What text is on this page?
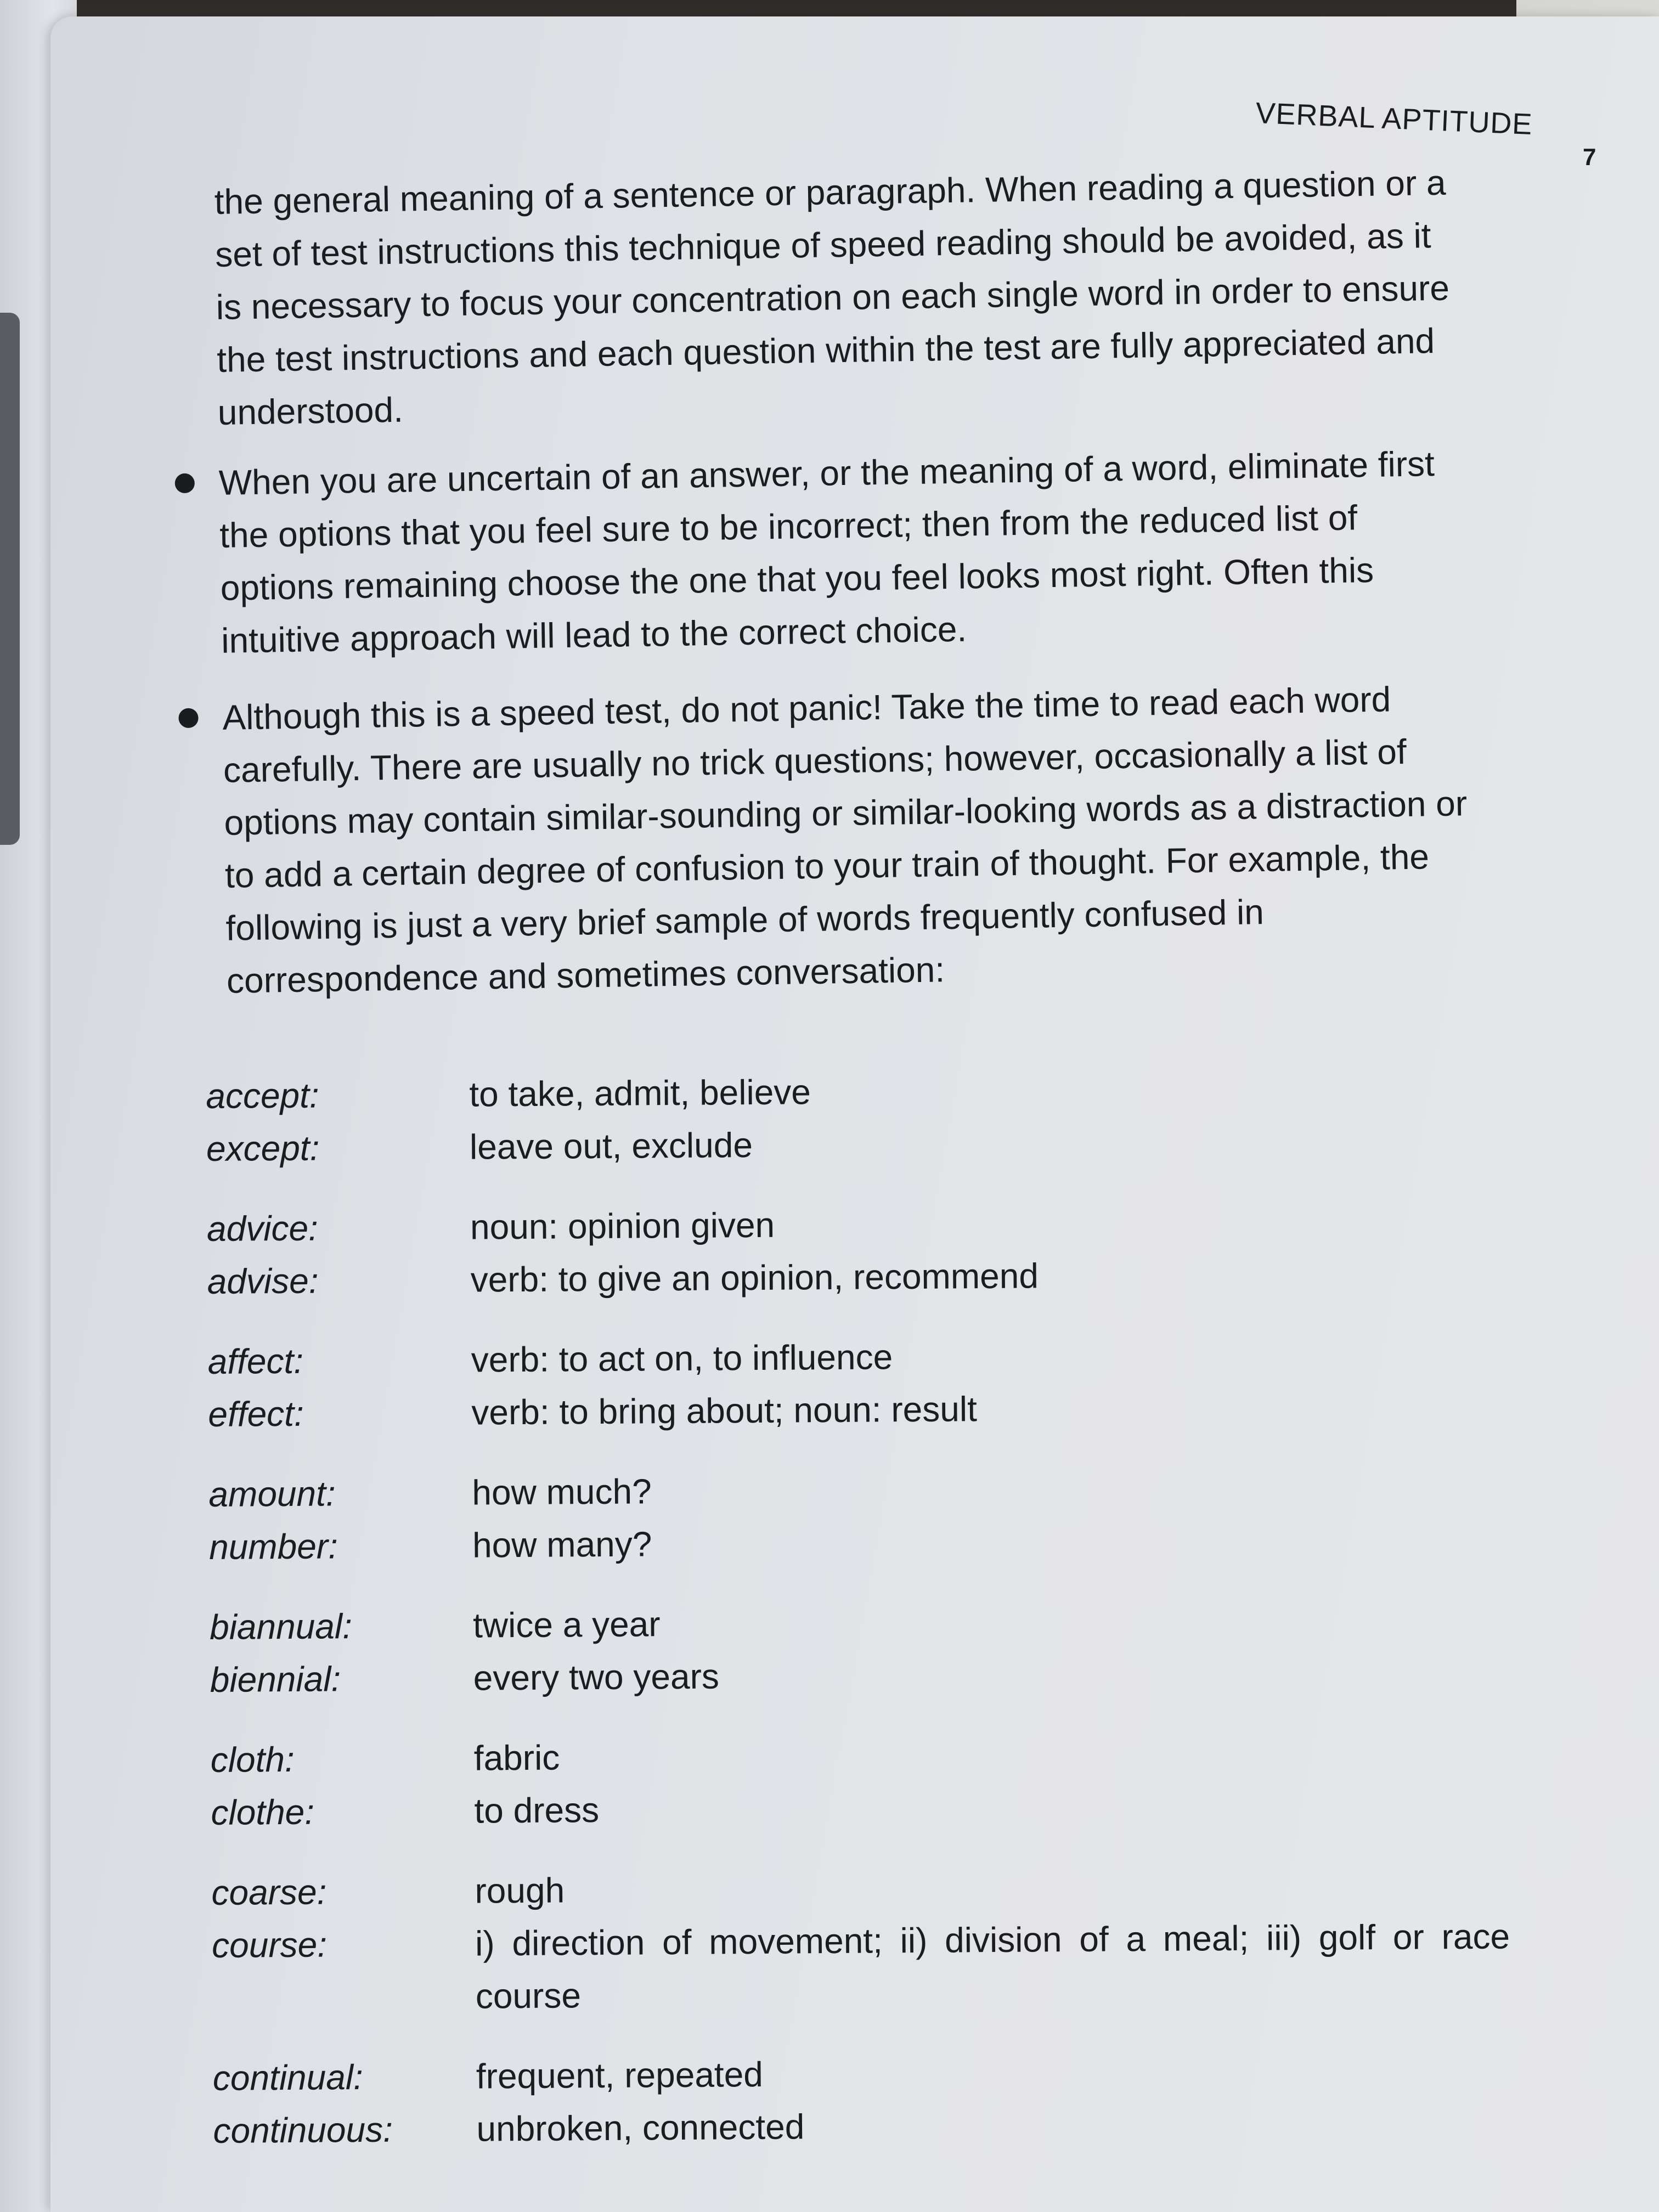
VERBAL APTITUDE
7

the general meaning of a sentence or paragraph. When reading a question or a
set of test instructions this technique of speed reading should be avoided, as it
is necessary to focus your concentration on each single word in order to ensure
the test instructions and each question within the test are fully appreciated and
understood.

When you are uncertain of an answer, or the meaning of a word, eliminate first
the options that you feel sure to be incorrect; then from the reduced list of
options remaining choose the one that you feel looks most right. Often this
intuitive approach will lead to the correct choice.
Although this is a speed test, do not panic! Take the time to read each word
carefully. There are usually no trick questions; however, occasionally a list of
options may contain similar-sounding or similar-looking words as a distraction or
to add a certain degree of confusion to your train of thought. For example, the
following is just a very brief sample of words frequently confused in
correspondence and sometimes conversation:
accept:	to take, admit, believe
except:	leave out, exclude
advice:	noun: opinion given
advise:	verb: to give an opinion, recommend
affect:	verb: to act on, to influence
effect:	verb: to bring about; noun: result
amount:	how much?
number:	how many?
biannual:	twice a year
biennial:	every two years
cloth:	fabric
clothe:	to dress
coarse:	rough
course:	i) direction of movement; ii) division of a meal; iii) golf or race
course
continual:	frequent, repeated
continuous:	unbroken, connected
